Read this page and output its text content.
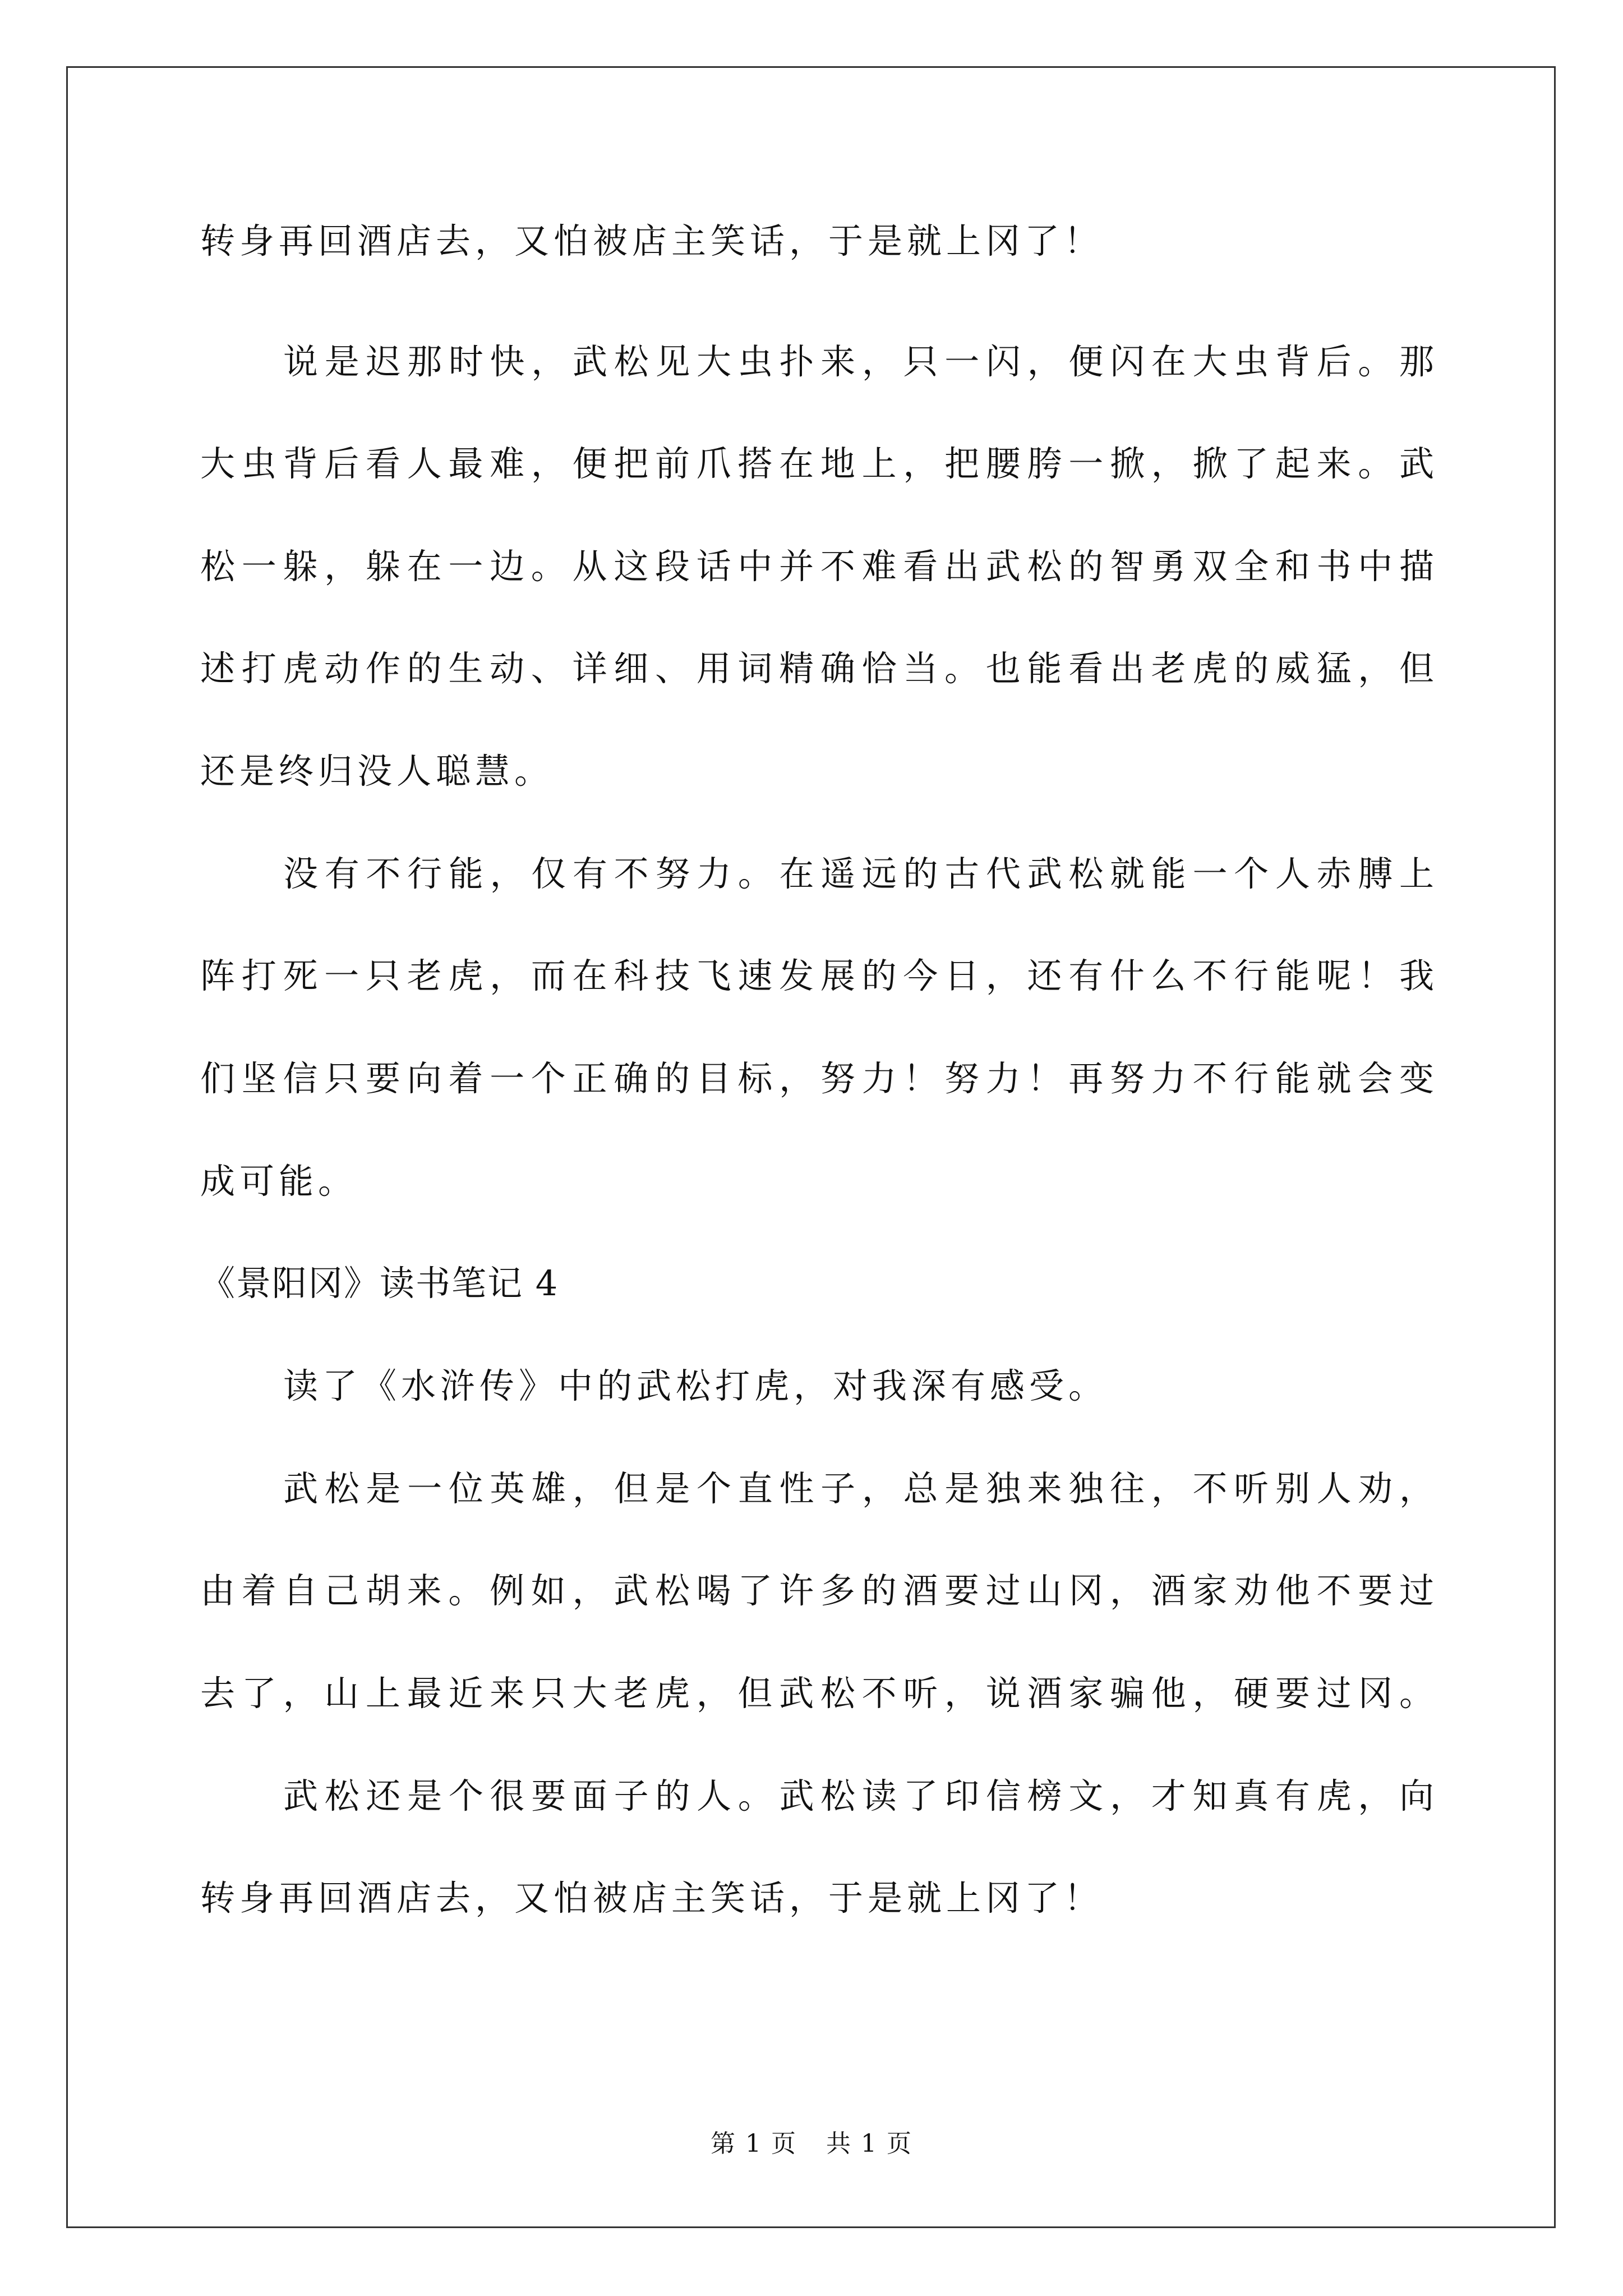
转身再回酒店去，又怕被店主笑话，于是就上冈了！
说是迟那时快，武松见大虫扑来，只一闪，便闪在大虫背后。那
大虫背后看人最难，便把前爪搭在地上，把腰胯一掀，掀了起来。武
松一躲，躲在一边。从这段话中并不难看出武松的智勇双全和书中描
述打虎动作的生动、详细、用词精确恰当。也能看出老虎的威猛，但
还是终归没人聪慧。
没有不行能，仅有不努力。在遥远的古代武松就能一个人赤膊上
阵打死一只老虎，而在科技飞速发展的今日，还有什么不行能呢！我
们坚信只要向着一个正确的目标，努力！努力！再努力不行能就会变
成可能。
《景阳冈》读书笔记 4
读了《水浒传》中的武松打虎，对我深有感受。
武松是一位英雄，但是个直性子，总是独来独往，不听别人劝，
由着自己胡来。例如，武松喝了许多的酒要过山冈，酒家劝他不要过
去了，山上最近来只大老虎，但武松不听，说酒家骗他，硬要过冈。
武松还是个很要面子的人。武松读了印信榜文，才知真有虎，向
转身再回酒店去，又怕被店主笑话，于是就上冈了！
第 1 页 共 1 页
